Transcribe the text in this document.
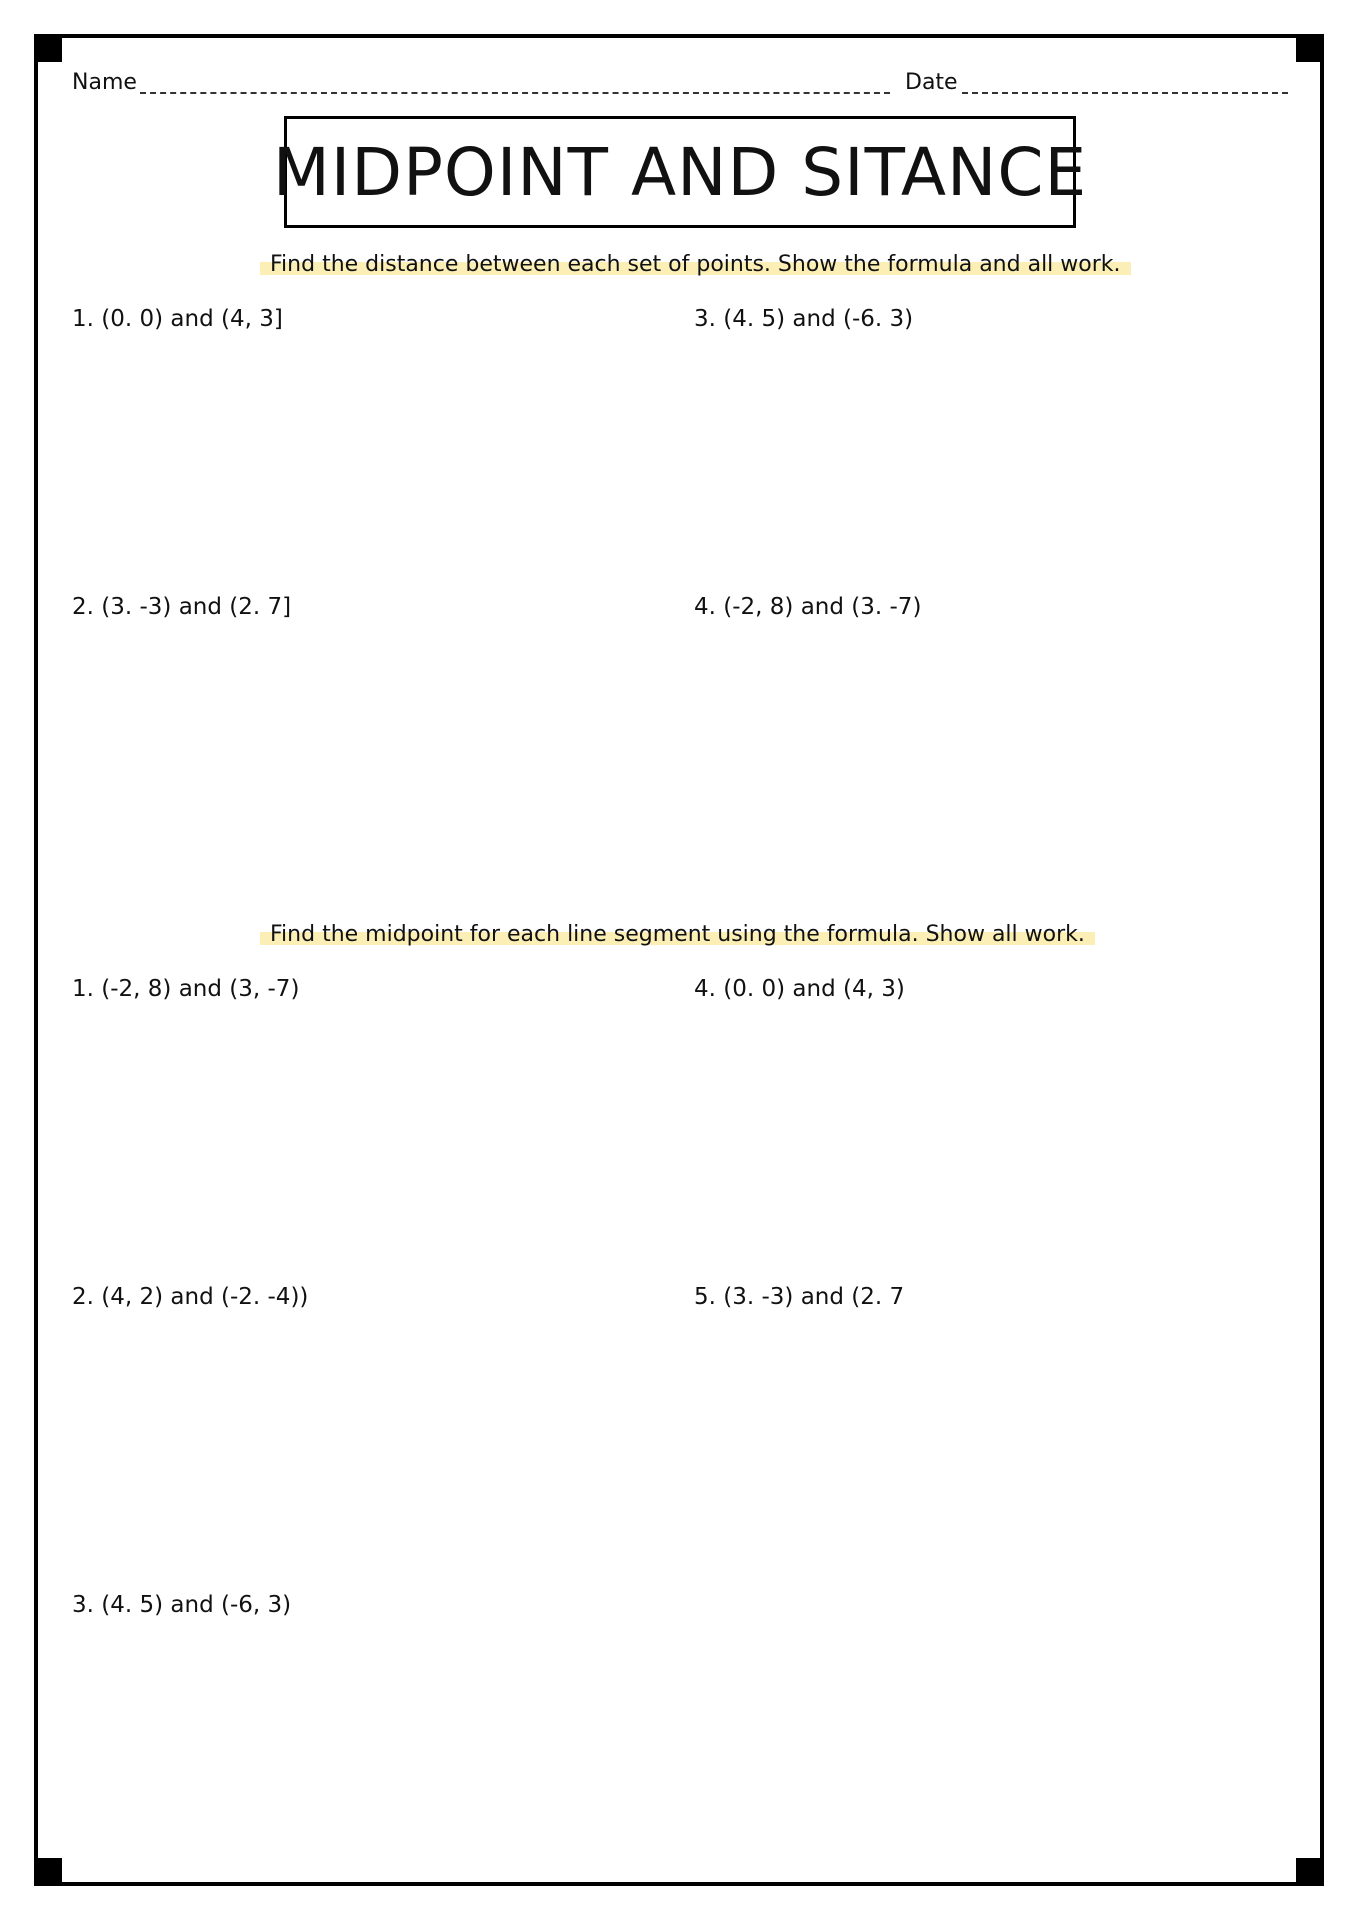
Name	Date
MIDPOINT AND SITANCE
Find the distance between each set of points. Show the formula and all work.
1. (0. 0) and (4, 3]
2. (3. -3) and (2. 7]
3. (4. 5) and (-6. 3)
4. (-2, 8) and (3. -7)
Find the midpoint for each line segment using the formula. Show all work.
1. (-2, 8) and (3, -7)
2. (4, 2) and (-2. -4))
3. (4. 5) and (-6, 3)
4. (0. 0) and (4, 3)
5. (3. -3) and (2. 7
